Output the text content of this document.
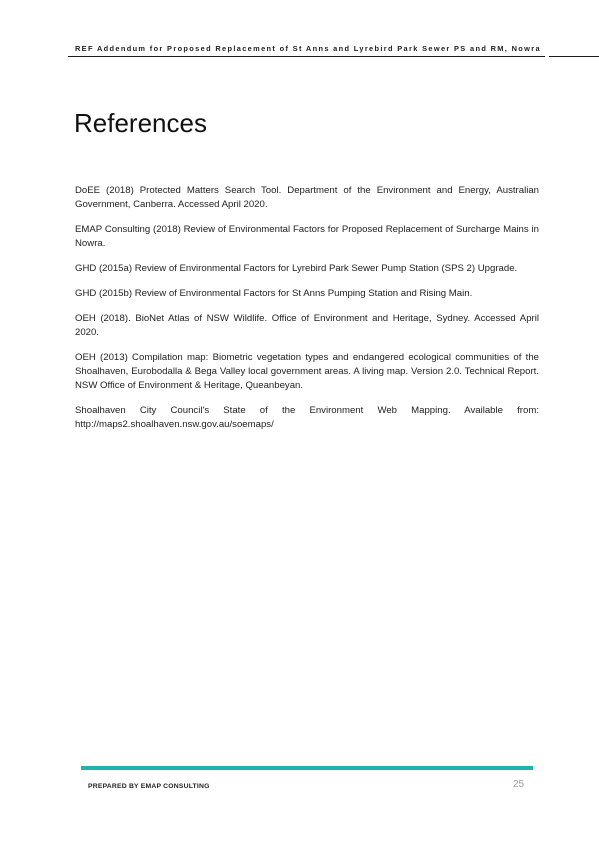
REF Addendum for Proposed Replacement of St Anns and Lyrebird Park Sewer PS and RM, Nowra
References

DoEE (2018) Protected Matters Search Tool. Department of the Environment and Energy, Australian Government, Canberra. Accessed April 2020.

EMAP Consulting (2018) Review of Environmental Factors for Proposed Replacement of Surcharge Mains in Nowra.

GHD (2015a) Review of Environmental Factors for Lyrebird Park Sewer Pump Station (SPS 2) Upgrade.

GHD (2015b) Review of Environmental Factors for St Anns Pumping Station and Rising Main.

OEH (2018). BioNet Atlas of NSW Wildlife. Office of Environment and Heritage, Sydney. Accessed April 2020.

OEH (2013) Compilation map: Biometric vegetation types and endangered ecological communities of the Shoalhaven, Eurobodalla & Bega Valley local government areas. A living map. Version 2.0. Technical Report. NSW Office of Environment & Heritage, Queanbeyan.

Shoalhaven City Council's State of the Environment Web Mapping. Available from: http://maps2.shoalhaven.nsw.gov.au/soemaps/

PREPARED BY EMAP CONSULTING	25
